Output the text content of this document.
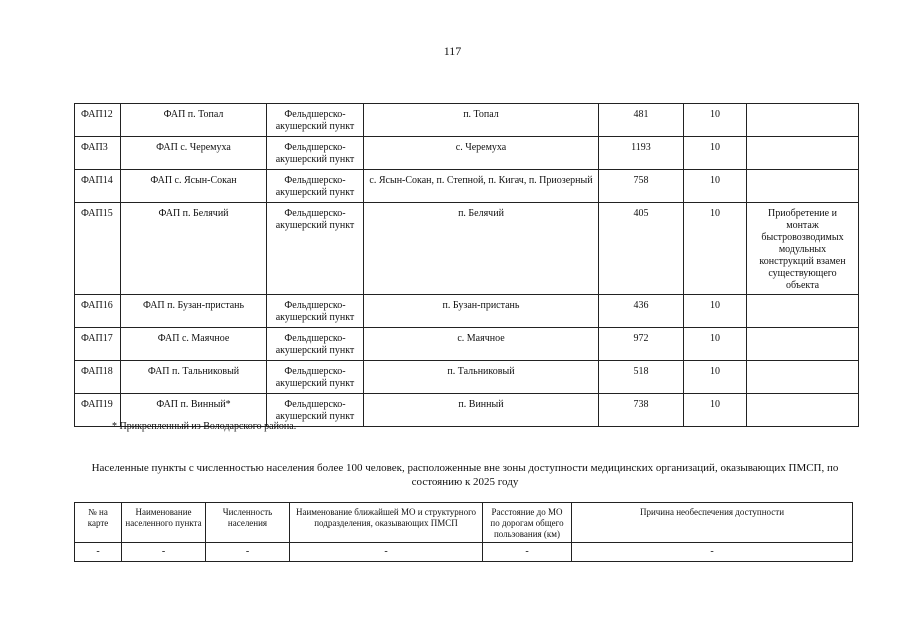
117
ФАП12	ФАП п. Топал	Фельдшерско-акушерский пункт	п. Топал	481	10	
ФАП3	ФАП с. Черемуха	Фельдшерско-акушерский пункт	с. Черемуха	1193	10	
ФАП14	ФАП с. Ясын-Сокан	Фельдшерско-акушерский пункт	с. Ясын-Сокан, п. Степной, п. Кигач, п. Приозерный	758	10	
ФАП15	ФАП п. Белячий	Фельдшерско-акушерский пункт	п. Белячий	405	10	Приобретение и монтаж быстровозводимых модульных конструкций взамен существующего объекта
ФАП16	ФАП п. Бузан-пристань	Фельдшерско-акушерский пункт	п. Бузан-пристань	436	10	
ФАП17	ФАП с. Маячное	Фельдшерско-акушерский пункт	с. Маячное	972	10	
ФАП18	ФАП п. Тальниковый	Фельдшерско-акушерский пункт	п. Тальниковый	518	10	
ФАП19	ФАП п. Винный*	Фельдшерско-акушерский пункт	п. Винный	738	10	
* Прикрепленный из Володарского района.
Населенные пункты с численностью населения более 100 человек, расположенные вне зоны доступности медицинских организаций, оказывающих ПМСП, по состоянию к 2025 году
№ на карте	Наименование населенного пункта	Численность населения	Наименование ближайшей МО и структурного подразделения, оказывающих ПМСП	Расстояние до МО по дорогам общего пользования (км)	Причина необеспечения доступности
-	-	-	-	-	-
